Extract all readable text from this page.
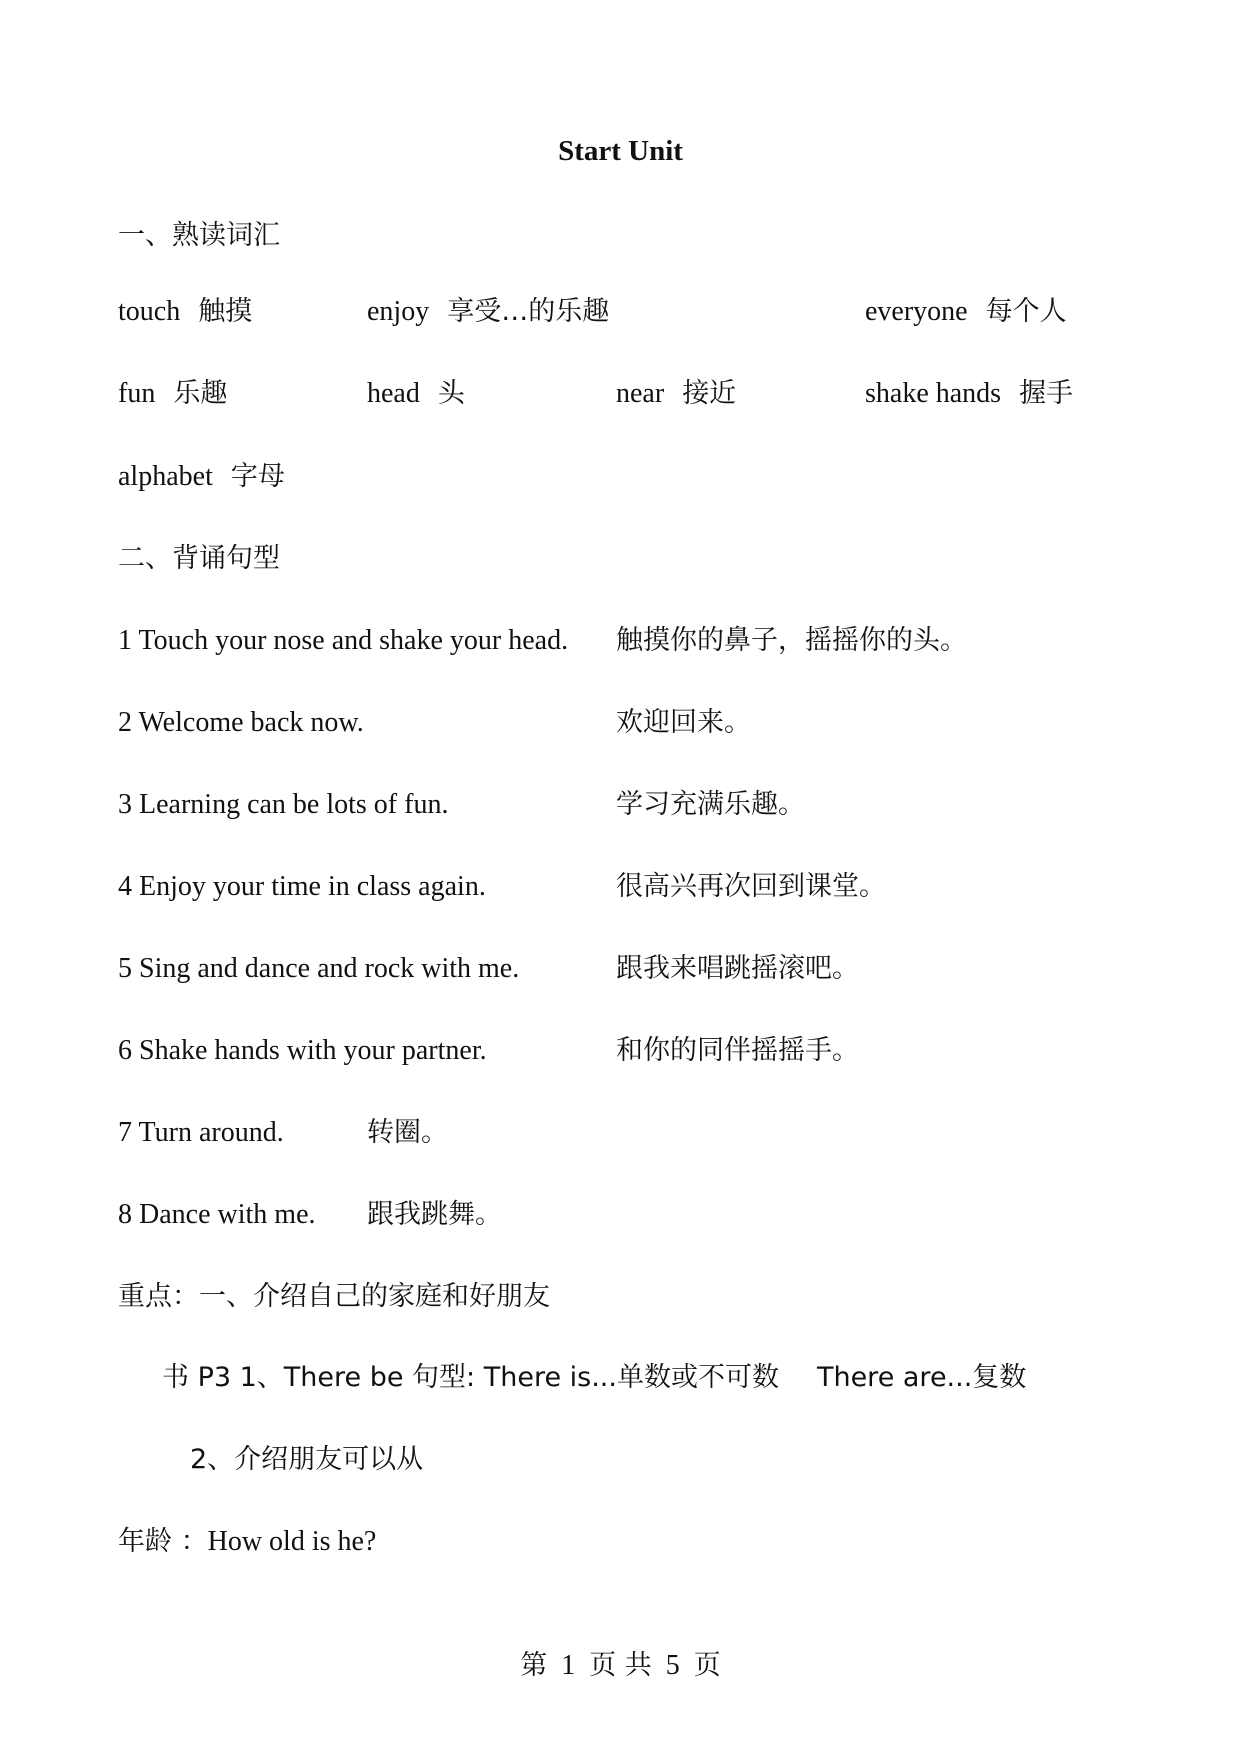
Start Unit
一、熟读词汇
touch 触摸	enjoy 享受…的乐趣	everyone 每个人
fun 乐趣	head 头	near 接近	shake hands 握手
alphabet 字母
二、背诵句型
1 Touch your nose and shake your head. 触摸你的鼻子，摇摇你的头。
2 Welcome back now.	欢迎回来。
3 Learning can be lots of fun.	学习充满乐趣。
4 Enjoy your time in class again.	很高兴再次回到课堂。
5 Sing and dance and rock with me.	跟我来唱跳摇滚吧。
6 Shake hands with your partner.	和你的同伴摇摇手。
7 Turn around.	转圈。
8 Dance with me. 跟我跳舞。
重点：一、介绍自己的家庭和好朋友
书 P3 1、There be 句型: There is...单数或不可数 There are...复数
2、介绍朋友可以从
年龄 ：How old is he?
第 1 页 共 5 页
